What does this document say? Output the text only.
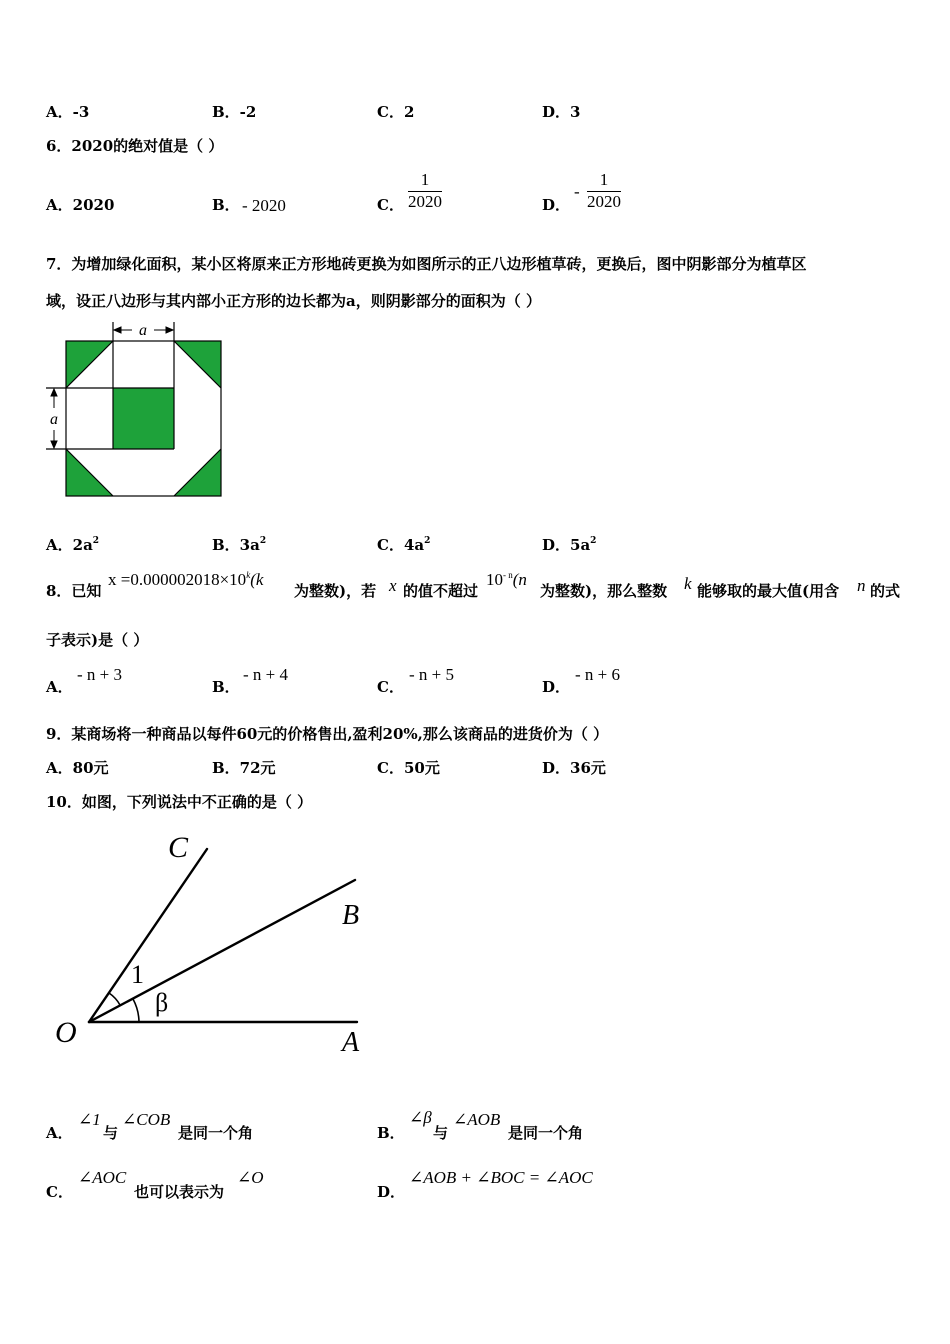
A．-3	B．-2	C．2	D．3
6．2020的绝对值是（ ）
A．2020	B． - 2020	C． $\frac{1}{2020}$	D．
- $\frac{1}{2020}$
7．为增加绿化面积，某小区将原来正方形地砖更换为如图所示的正八边形植草砖，更换后，图中阴影部分为植草区
域，设正八边形与其内部小正方形的边长都为a，则阴影部分的面积为（ ）
a
a
A．$2a^2$	B．$3a^2$	C．$4a^2$	D．$5a^2$
8．已知
$x =0.000002018\times 10^k(k$
为整数)，若 x 的值不超过
$10^{- n}(n$
为整数)，那么整数 k 能够取的最大值(用含 n 的式
子表示)是（ ）
A．
- n + 3
B．
- n + 4
C．
- n + 5
D．
- n + 6
9．某商场将一种商品以每件60元的价格售出,盈利20%,那么该商品的进货价为（ ）
A．80元	B．72元	C．50元	D．36元
10．如图，下列说法中不正确的是（ ）
C
B
O	A
1
β
A．
∠1
与
∠COB
是同一个角	B．
∠β
与
∠AOB
是同一个角
C．
∠AOC
也可以表示为
∠O
D．
∠AOB + ∠BOC = ∠AOC
